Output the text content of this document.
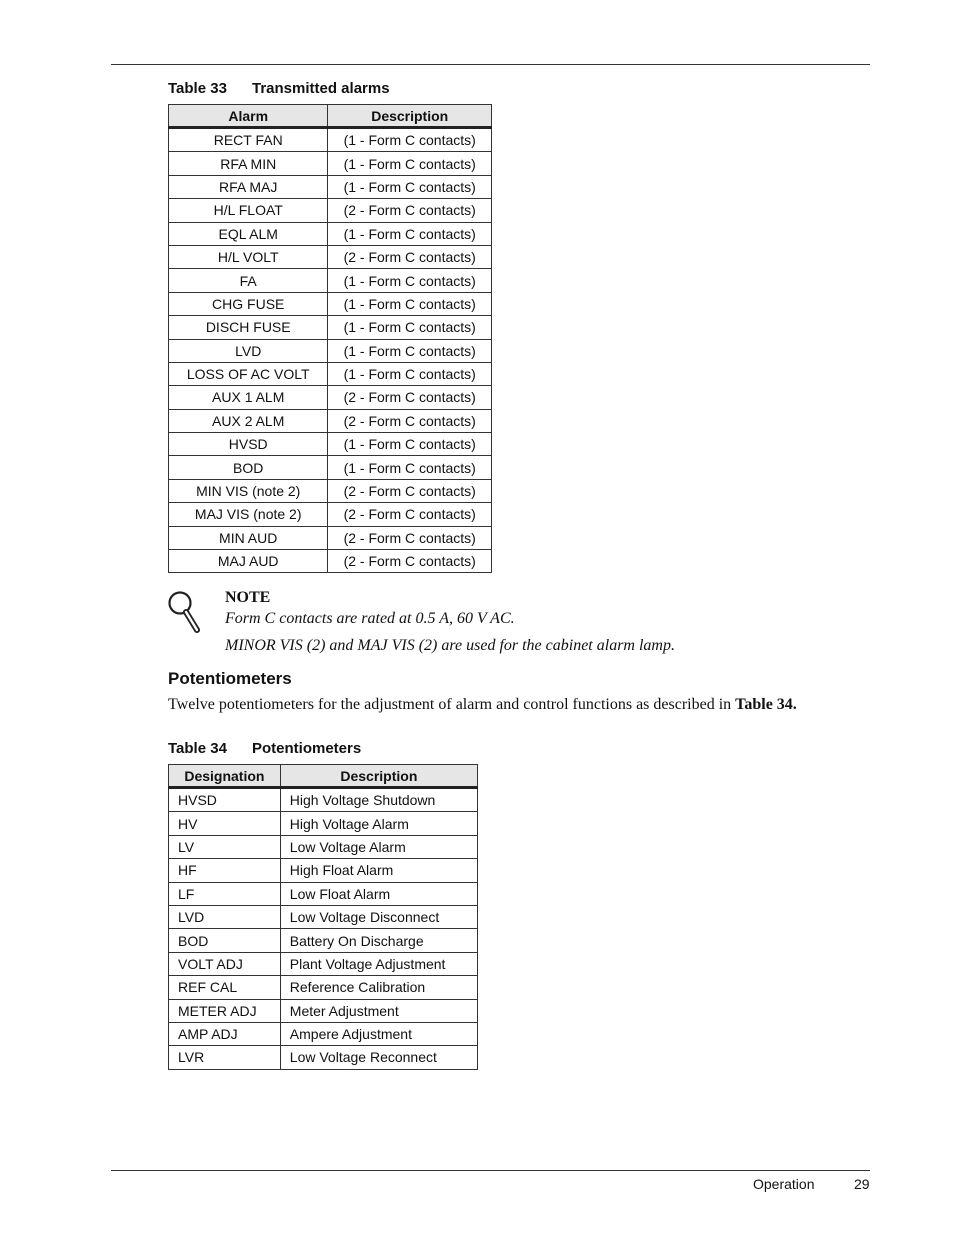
Table 33 Transmitted alarms
Alarm	Description
RECT FAN	(1 - Form C contacts)
RFA MIN	(1 - Form C contacts)
RFA MAJ	(1 - Form C contacts)
H/L FLOAT	(2 - Form C contacts)
EQL ALM	(1 - Form C contacts)
H/L VOLT	(2 - Form C contacts)
FA	(1 - Form C contacts)
CHG FUSE	(1 - Form C contacts)
DISCH FUSE	(1 - Form C contacts)
LVD	(1 - Form C contacts)
LOSS OF AC VOLT	(1 - Form C contacts)
AUX 1 ALM	(2 - Form C contacts)
AUX 2 ALM	(2 - Form C contacts)
HVSD	(1 - Form C contacts)
BOD	(1 - Form C contacts)
MIN VIS (note 2)	(2 - Form C contacts)
MAJ VIS (note 2)	(2 - Form C contacts)
MIN AUD	(2 - Form C contacts)
MAJ AUD	(2 - Form C contacts)
NOTE
Form C contacts are rated at 0.5 A, 60 V AC.
MINOR VIS (2) and MAJ VIS (2) are used for the cabinet alarm lamp.
Potentiometers
Twelve potentiometers for the adjustment of alarm and control functions as described in Table 34.
Table 34 Potentiometers
Designation	Description
HVSD	High Voltage Shutdown
HV	High Voltage Alarm
LV	Low Voltage Alarm
HF	High Float Alarm
LF	Low Float Alarm
LVD	Low Voltage Disconnect
BOD	Battery On Discharge
VOLT ADJ	Plant Voltage Adjustment
REF CAL	Reference Calibration
METER ADJ	Meter Adjustment
AMP ADJ	Ampere Adjustment
LVR	Low Voltage Reconnect
Operation	29
